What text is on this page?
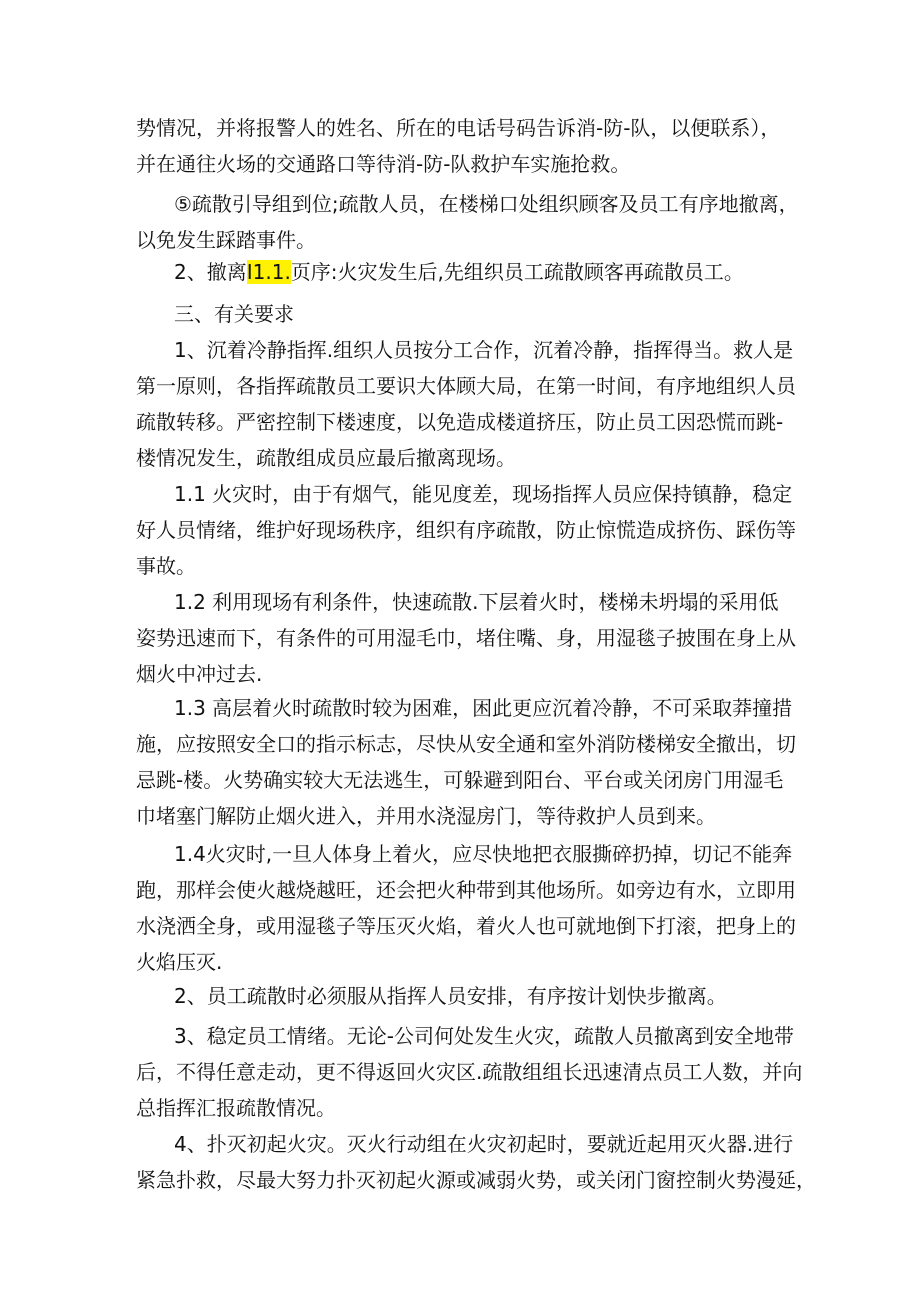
势情况，并将报警人的姓名、所在的电话号码告诉消-防-队，以便联系），
并在通往火场的交通路口等待消-防-队救护车实施抢救。
⑤疏散引导组到位;疏散人员，在楼梯口处组织顾客及员工有序地撤离，
以免发生踩踏事件。
2、撤离I1.1.页序:火灾发生后,先组织员工疏散顾客再疏散员工。
三、有关要求
1、沉着冷静指挥.组织人员按分工合作，沉着冷静，指挥得当。救人是
第一原则，各指挥疏散员工要识大体顾大局，在第一时间，有序地组织人员
疏散转移。严密控制下楼速度，以免造成楼道挤压，防止员工因恐慌而跳-
楼情况发生，疏散组成员应最后撤离现场。
1.1 火灾时，由于有烟气，能见度差，现场指挥人员应保持镇静，稳定
好人员情绪，维护好现场秩序，组织有序疏散，防止惊慌造成挤伤、踩伤等
事故。
1.2 利用现场有利条件，快速疏散.下层着火时，楼梯未坍塌的采用低
姿势迅速而下，有条件的可用湿毛巾，堵住嘴、身，用湿毯子披围在身上从
烟火中冲过去.
1.3 高层着火时疏散时较为困难，困此更应沉着冷静，不可采取莽撞措
施，应按照安全口的指示标志，尽快从安全通和室外消防楼梯安全撤出，切
忌跳-楼。火势确实较大无法逃生，可躲避到阳台、平台或关闭房门用湿毛
巾堵塞门解防止烟火进入，并用水浇湿房门，等待救护人员到来。
1.4火灾时,一旦人体身上着火，应尽快地把衣服撕碎扔掉，切记不能奔
跑，那样会使火越烧越旺，还会把火种带到其他场所。如旁边有水，立即用
水浇洒全身，或用湿毯子等压灭火焰，着火人也可就地倒下打滚，把身上的
火焰压灭.
2、员工疏散时必须服从指挥人员安排，有序按计划快步撤离。
3、稳定员工情绪。无论-公司何处发生火灾，疏散人员撤离到安全地带
后，不得任意走动，更不得返回火灾区.疏散组组长迅速清点员工人数，并向
总指挥汇报疏散情况。
4、扑灭初起火灾。灭火行动组在火灾初起时，要就近起用灭火器.进行
紧急扑救，尽最大努力扑灭初起火源或减弱火势，或关闭门窗控制火势漫延，
